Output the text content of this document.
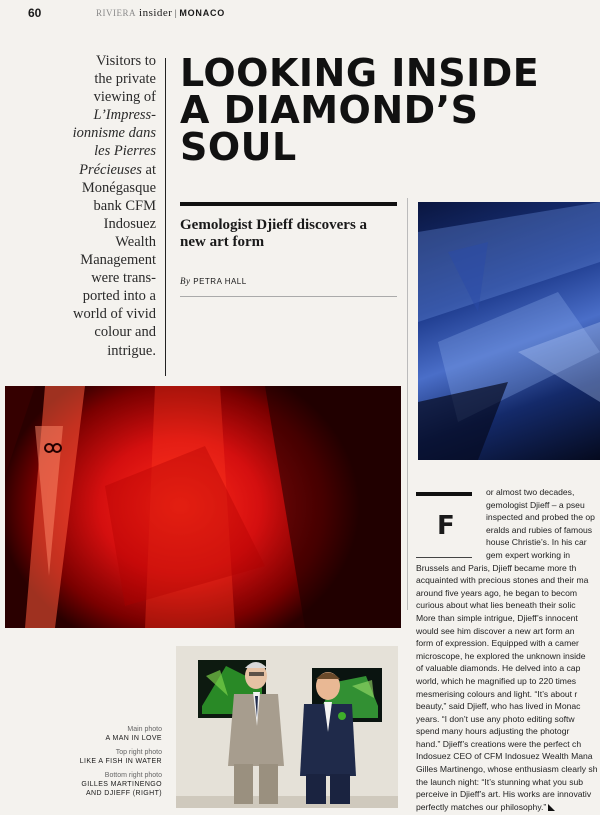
60	RIVIERA insider | MONACO
Visitors to
the private
viewing of
L’Impress-
ionnisme dans
les Pierres
Précieuses at
Monégasque
bank CFM
Indosuez
Wealth
Management
were trans-
ported into a
world of vivid
colour and
intrigue.
LOOKING INSIDE
A DIAMOND’S
SOUL
Gemologist Djieff discovers a new art form
By PETRA HALL
Main photo
A MAN IN LOVE
Top right photo
LIKE A FISH IN WATER
Bottom right photo
GILLES MARTINENGO
AND DJIEFF (RIGHT)
F
or almost two decades,
gemologist Djieff – a pseu
inspected and probed the op
eralds and rubies of famous
house Christie’s. In his car
gem expert working in
Brussels and Paris, Djieff became more th
acquainted with precious stones and their ma
around five years ago, he began to becom
curious about what lies beneath their solic
More than simple intrigue, Djieff’s innocent
would see him discover a new art form an
form of expression. Equipped with a camer
microscope, he explored the unknown inside
of valuable diamonds. He delved into a cap
world, which he magnified up to 220 times
mesmerising colours and light. “It’s about r
beauty,” said Djieff, who has lived in Monac
years. “I don’t use any photo editing softw
spend many hours adjusting the photogr
hand.” Djieff’s creations were the perfect ch
Indosuez CEO of CFM Indosuez Wealth Mana
Gilles Martinengo, whose enthusiasm clearly sh
the launch night: “It’s stunning what you sub
perceive in Djieff’s art. His works are innovativ
perfectly matches our philosophy.”
